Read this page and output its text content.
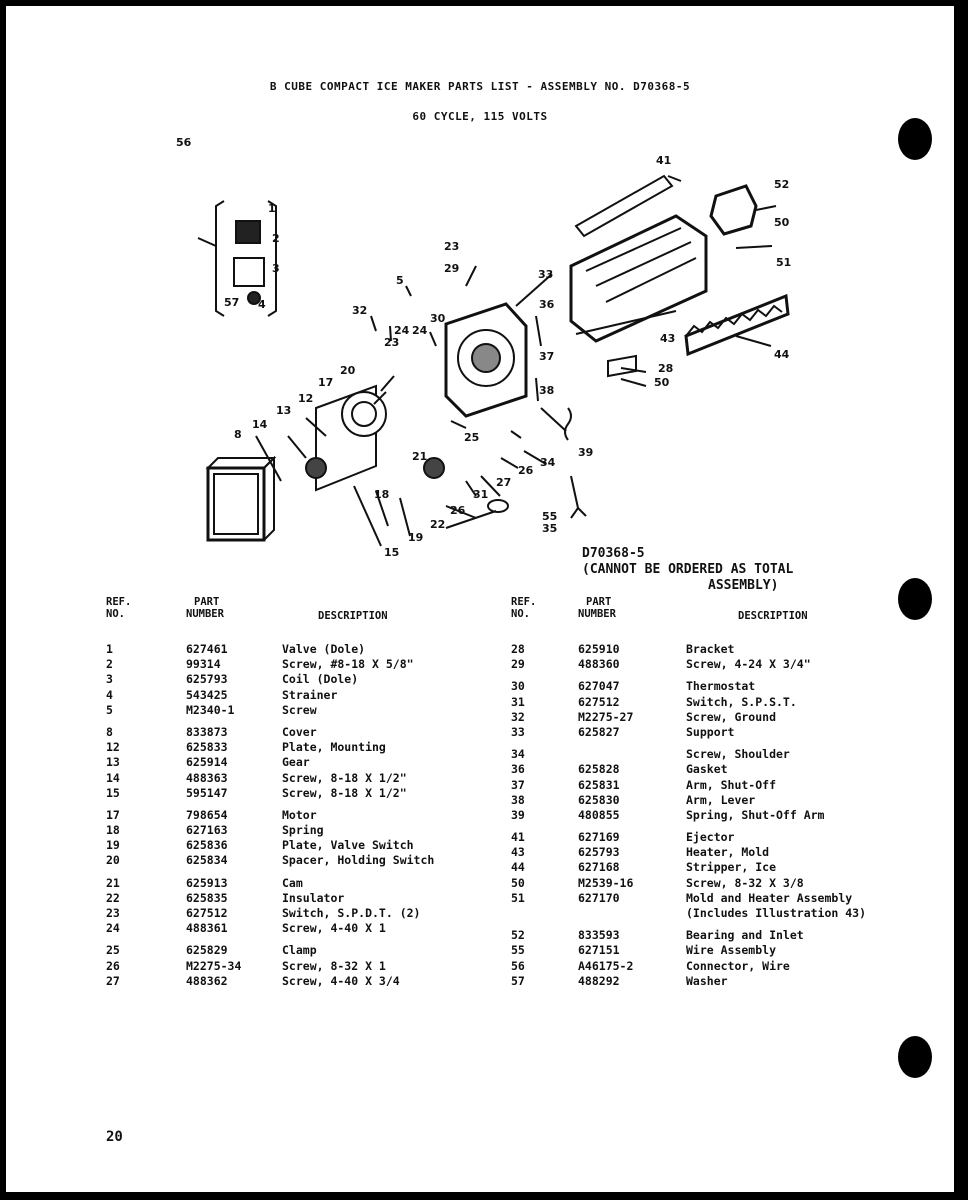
B CUBE COMPACT ICE MAKER PARTS LIST - ASSEMBLY NO. D70368-5
60 CYCLE, 115 VOLTS
1
2
3
4
57
5
8
12
13
14
15
17
18
19
20
21
22
23
23
24 24
25
26
26
27
28
29
30
31
32
33
34
35
36
37
38
39
41
43
44
50
50
51
52
55
56
D70368-5
(CANNOT BE ORDERED AS TOTAL
ASSEMBLY)
REF.
NO.
PART
NUMBER	DESCRIPTION
REF.
NO.
PART
NUMBER	DESCRIPTION
1
2
3
4
5
8
12
13
14
15
17
18
19
20
21
22
23
24
25
26
27
627461
99314
625793
543425
M2340-1
833873
625833
625914
488363
595147
798654
627163
625836
625834
625913
625835
627512
488361
625829
M2275-34
488362
Valve (Dole)
Screw, #8-18 X 5/8"
Coil (Dole)
Strainer
Screw
Cover
Plate, Mounting
Gear
Screw, 8-18 X 1/2"
Screw, 8-18 X 1/2"
Motor
Spring
Plate, Valve Switch
Spacer, Holding Switch
Cam
Insulator
Switch, S.P.D.T. (2)
Screw, 4-40 X 1
Clamp
Screw, 8-32 X 1
Screw, 4-40 X 3/4
28
29
30
31
32
33
34
36
37
38
39
41
43
44
50
51
52
55
56
57
625910
488360
627047
627512
M2275-27
625827
625828
625831
625830
480855
627169
625793
627168
M2539-16
627170
833593
627151
A46175-2
488292
Bracket
Screw, 4-24 X 3/4"
Thermostat
Switch, S.P.S.T.
Screw, Ground
Support
Screw, Shoulder
Gasket
Arm, Shut-Off
Arm, Lever
Spring, Shut-Off Arm
Ejector
Heater, Mold
Stripper, Ice
Screw, 8-32 X 3/8
Mold and Heater Assembly
(Includes Illustration 43)
Bearing and Inlet
Wire Assembly
Connector, Wire
Washer
20
